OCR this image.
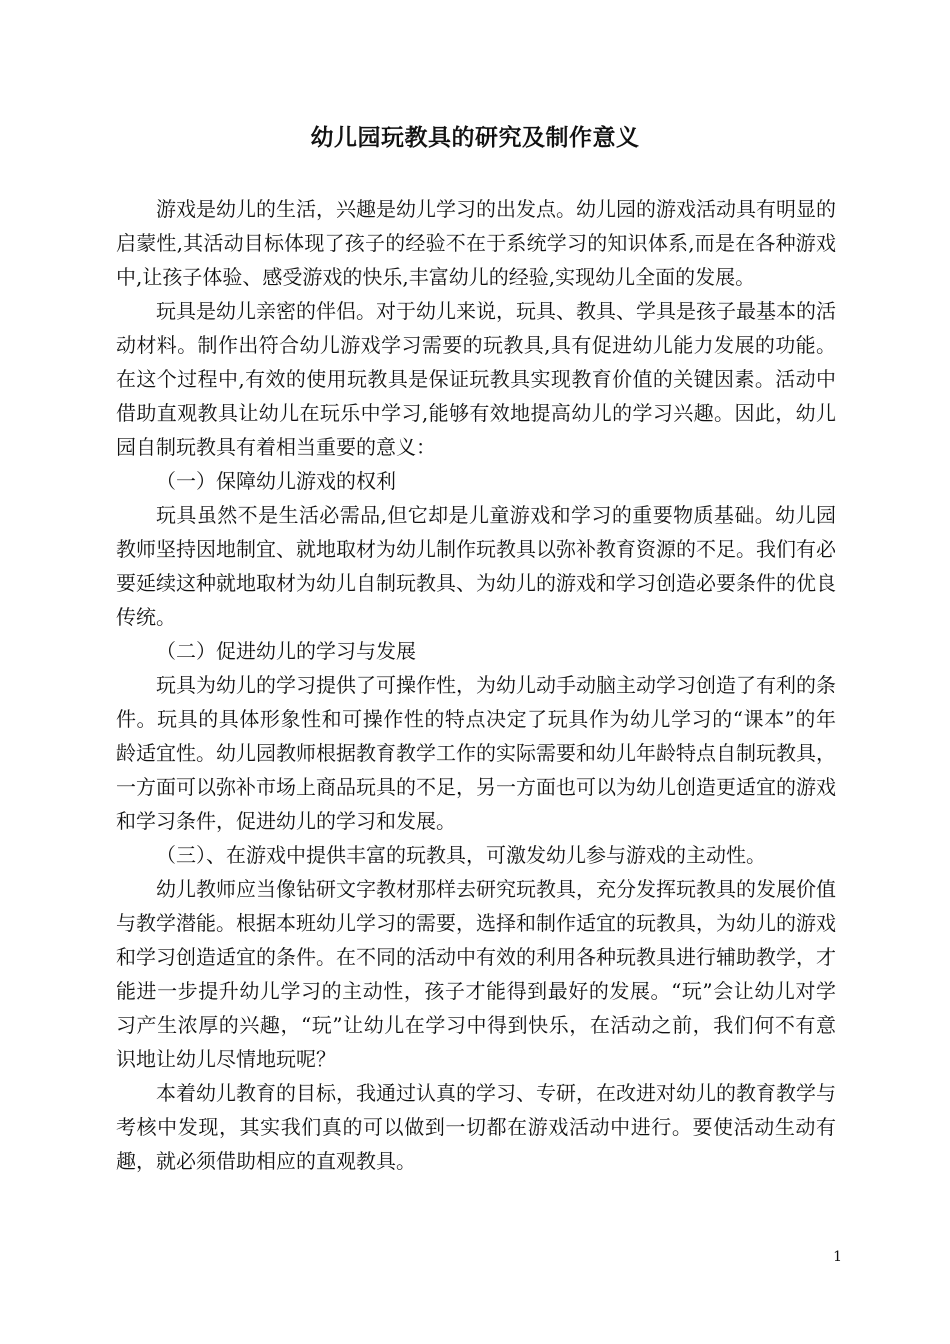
幼儿园玩教具的研究及制作意义

游戏是幼儿的生活，兴趣是幼儿学习的出发点。幼儿园的游戏活动具有明显的启蒙性,其活动目标体现了孩子的经验不在于系统学习的知识体系,而是在各种游戏中,让孩子体验、感受游戏的快乐,丰富幼儿的经验,实现幼儿全面的发展。

玩具是幼儿亲密的伴侣。对于幼儿来说，玩具、教具、学具是孩子最基本的活动材料。制作出符合幼儿游戏学习需要的玩教具,具有促进幼儿能力发展的功能。在这个过程中,有效的使用玩教具是保证玩教具实现教育价值的关键因素。活动中借助直观教具让幼儿在玩乐中学习,能够有效地提高幼儿的学习兴趣。因此，幼儿园自制玩教具有着相当重要的意义：

（一）保障幼儿游戏的权利

玩具虽然不是生活必需品,但它却是儿童游戏和学习的重要物质基础。幼儿园教师坚持因地制宜、就地取材为幼儿制作玩教具以弥补教育资源的不足。我们有必要延续这种就地取材为幼儿自制玩教具、为幼儿的游戏和学习创造必要条件的优良传统。

（二）促进幼儿的学习与发展

玩具为幼儿的学习提供了可操作性，为幼儿动手动脑主动学习创造了有利的条件。玩具的具体形象性和可操作性的特点决定了玩具作为幼儿学习的“课本”的年龄适宜性。幼儿园教师根据教育教学工作的实际需要和幼儿年龄特点自制玩教具，一方面可以弥补市场上商品玩具的不足，另一方面也可以为幼儿创造更适宜的游戏和学习条件，促进幼儿的学习和发展。

（三）、在游戏中提供丰富的玩教具，可激发幼儿参与游戏的主动性。

幼儿教师应当像钻研文字教材那样去研究玩教具，充分发挥玩教具的发展价值与教学潜能。根据本班幼儿学习的需要，选择和制作适宜的玩教具，为幼儿的游戏和学习创造适宜的条件。在不同的活动中有效的利用各种玩教具进行辅助教学，才能进一步提升幼儿学习的主动性，孩子才能得到最好的发展。“玩”会让幼儿对学习产生浓厚的兴趣，“玩”让幼儿在学习中得到快乐，在活动之前，我们何不有意识地让幼儿尽情地玩呢？

本着幼儿教育的目标，我通过认真的学习、专研，在改进对幼儿的教育教学与考核中发现，其实我们真的可以做到一切都在游戏活动中进行。要使活动生动有趣，就必须借助相应的直观教具。

1
